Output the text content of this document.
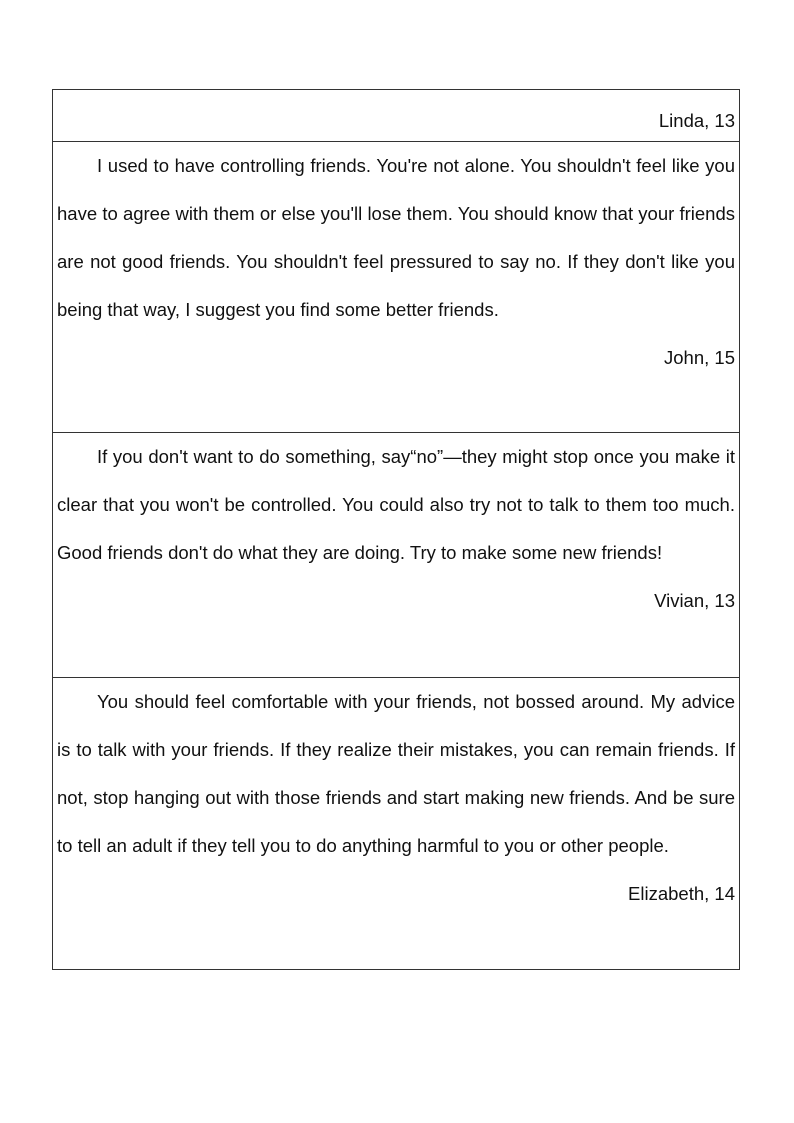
Linda, 13

I used to have controlling friends. You're not alone. You shouldn't feel like you have to agree with them or else you'll lose them. You should know that your friends are not good friends. You shouldn't feel pressured to say no. If they don't like you being that way, I suggest you find some better friends.

John, 15

If you don't want to do something, say“no”—they might stop once you make it clear that you won't be controlled. You could also try not to talk to them too much. Good friends don't do what they are doing. Try to make some new friends!

Vivian, 13

You should feel comfortable with your friends, not bossed around. My advice is to talk with your friends. If they realize their mistakes, you can remain friends. If not, stop hanging out with those friends and start making new friends. And be sure to tell an adult if they tell you to do anything harmful to you or other people.

Elizabeth, 14
